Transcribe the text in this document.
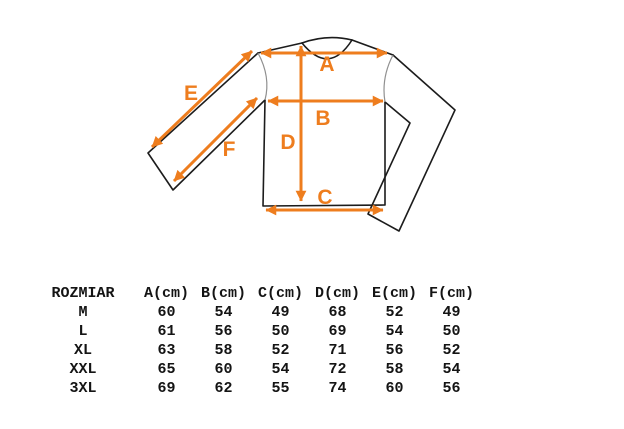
A
B
C
D
E
F
ROZMIAR	A(cm)	B(cm)	C(cm)	D(cm)	E(cm)	F(cm)
M	60	54	49	68	52	49
L	61	56	50	69	54	50
XL	63	58	52	71	56	52
XXL	65	60	54	72	58	54
3XL	69	62	55	74	60	56
